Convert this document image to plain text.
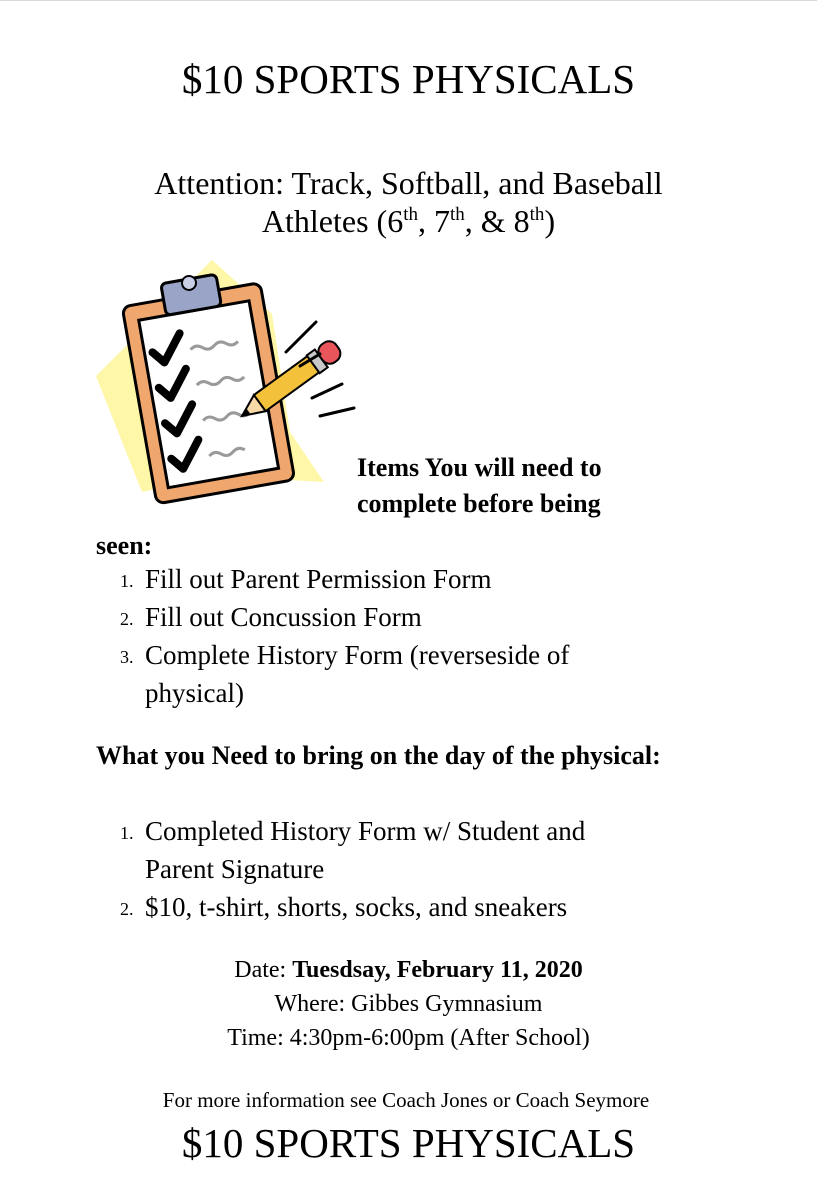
$10 SPORTS PHYSICALS
Attention: Track, Softball, and Baseball
Athletes (6th, 7th, & 8th)
Items You will need to
complete before being
seen:
1. Fill out Parent Permission Form
2. Fill out Concussion Form
3. Complete History Form (reverseside of physical)
What you Need to bring on the day of the physical:
1. Completed History Form w/ Student and Parent Signature
2. $10, t-shirt, shorts, socks, and sneakers
Date: Tuesdsay, February 11, 2020
Where: Gibbes Gymnasium
Time: 4:30pm-6:00pm (After School)
For more information see Coach Jones or Coach Seymore
$10 SPORTS PHYSICALS
